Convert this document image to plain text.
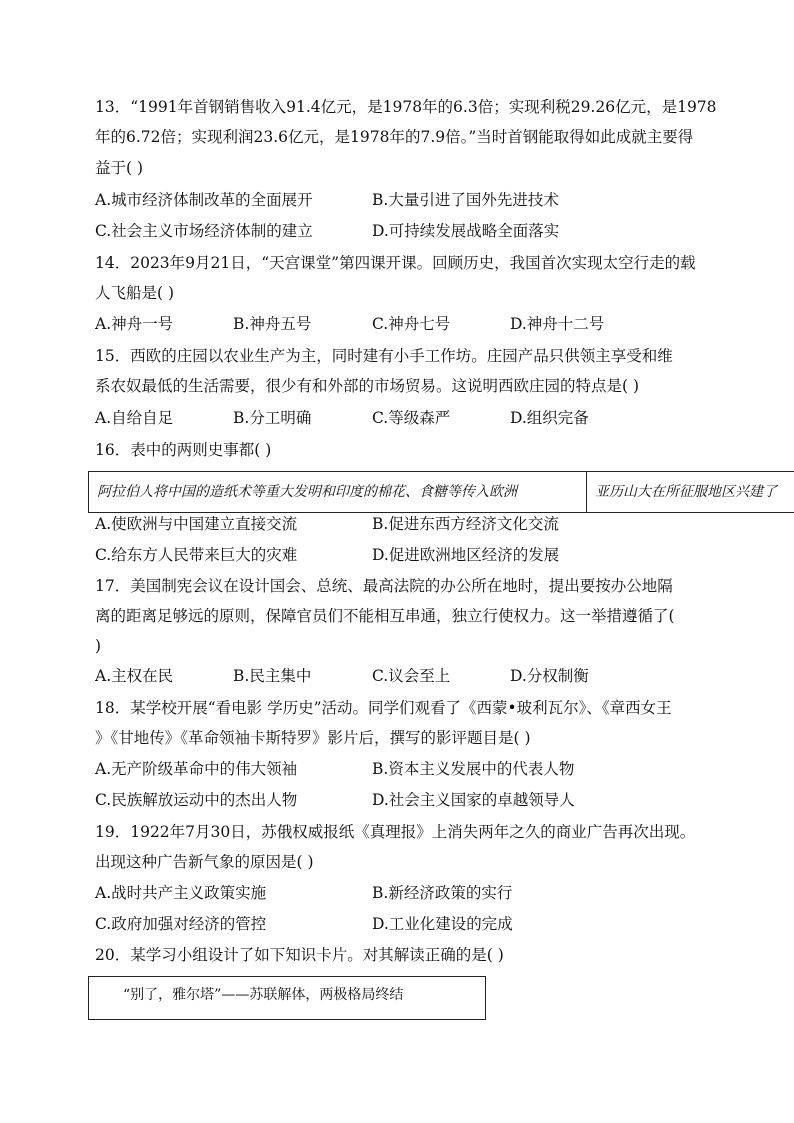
13．“1991年首钢销售收入91.4亿元，是1978年的6.3倍；实现利税29.26亿元，是1978
年的6.72倍；实现利润23.6亿元，是1978年的7.9倍。”当时首钢能取得如此成就主要得
益于( )
A.城市经济体制改革的全面展开	B.大量引进了国外先进技术
C.社会主义市场经济体制的建立	D.可持续发展战略全面落实
14．2023年9月21日，“天宫课堂”第四课开课。回顾历史，我国首次实现太空行走的载
人飞船是( )
A.神舟一号	B.神舟五号	C.神舟七号	D.神舟十二号
15．西欧的庄园以农业生产为主，同时建有小手工作坊。庄园产品只供领主享受和维
系农奴最低的生活需要，很少有和外部的市场贸易。这说明西欧庄园的特点是( )
A.自给自足	B.分工明确	C.等级森严	D.组织完备
16．表中的两则史事都( )
阿拉伯人将中国的造纸术等重大发明和印度的棉花、食糖等传入欧洲	亚历山大在所征服地区兴建了
A.使欧洲与中国建立直接交流	B.促进东西方经济文化交流
C.给东方人民带来巨大的灾难	D.促进欧洲地区经济的发展
17．美国制宪会议在设计国会、总统、最高法院的办公所在地时，提出要按办公地隔
离的距离足够远的原则，保障官员们不能相互串通，独立行使权力。这一举措遵循了(
)
A.主权在民	B.民主集中	C.议会至上	D.分权制衡
18．某学校开展“看电影 学历史”活动。同学们观看了《西蒙•玻利瓦尔》、《章西女王
》《甘地传》《革命领袖卡斯特罗》影片后，撰写的影评题目是( )
A.无产阶级革命中的伟大领袖	B.资本主义发展中的代表人物
C.民族解放运动中的杰出人物	D.社会主义国家的卓越领导人
19．1922年7月30日，苏俄权威报纸《真理报》上消失两年之久的商业广告再次出现。
出现这种广告新气象的原因是( )
A.战时共产主义政策实施	B.新经济政策的实行
C.政府加强对经济的管控	D.工业化建设的完成
20．某学习小组设计了如下知识卡片。对其解读正确的是( )
“别了，雅尔塔”——苏联解体，两极格局终结
